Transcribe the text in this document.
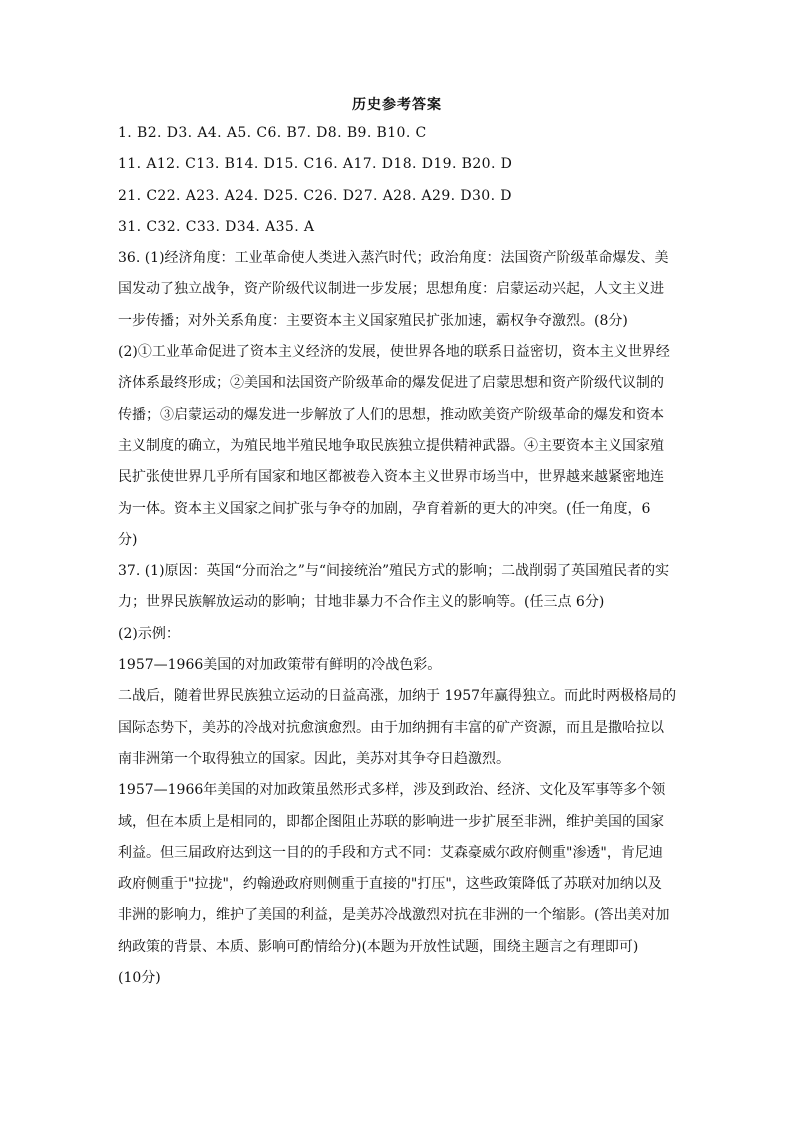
历史参考答案
1. B2. D3. A4. A5. C6. B7. D8. B9. B10. C
11. A12. C13. B14. D15. C16. A17. D18. D19. B20. D
21. C22. A23. A24. D25. C26. D27. A28. A29. D30. D
31. C32. C33. D34. A35. A
36. (1)经济角度：工业革命使人类进入蒸汽时代；政治角度：法国资产阶级革命爆发、美
国发动了独立战争，资产阶级代议制进一步发展；思想角度：启蒙运动兴起，人文主义进
一步传播；对外关系角度：主要资本主义国家殖民扩张加速，霸权争夺激烈。(8分)
(2)①工业革命促进了资本主义经济的发展，使世界各地的联系日益密切，资本主义世界经
济体系最终形成；②美国和法国资产阶级革命的爆发促进了启蒙思想和资产阶级代议制的
传播；③启蒙运动的爆发进一步解放了人们的思想，推动欧美资产阶级革命的爆发和资本
主义制度的确立，为殖民地半殖民地争取民族独立提供精神武器。④主要资本主义国家殖
民扩张使世界几乎所有国家和地区都被卷入资本主义世界市场当中，世界越来越紧密地连
为一体。资本主义国家之间扩张与争夺的加剧，孕育着新的更大的冲突。(任一角度，6
分)
37. (1)原因：英国“分而治之”与“间接统治”殖民方式的影响；二战削弱了英国殖民者的实
力；世界民族解放运动的影响；甘地非暴力不合作主义的影响等。(任三点 6分)
(2)示例：
1957—1966美国的对加政策带有鲜明的冷战色彩。
二战后，随着世界民族独立运动的日益高涨，加纳于 1957年赢得独立。而此时两极格局的
国际态势下，美苏的冷战对抗愈演愈烈。由于加纳拥有丰富的矿产资源，而且是撒哈拉以
南非洲第一个取得独立的国家。因此，美苏对其争夺日趋激烈。
1957—1966年美国的对加政策虽然形式多样，涉及到政治、经济、文化及军事等多个领
域，但在本质上是相同的，即都企图阻止苏联的影响进一步扩展至非洲，维护美国的国家
利益。但三届政府达到这一目的的手段和方式不同：艾森豪威尔政府侧重"渗透"，肯尼迪
政府侧重于"拉拢"，约翰逊政府则侧重于直接的"打压"，这些政策降低了苏联对加纳以及
非洲的影响力，维护了美国的利益，是美苏冷战激烈对抗在非洲的一个缩影。(答出美对加
纳政策的背景、本质、影响可酌情给分)(本题为开放性试题，围绕主题言之有理即可)
(10分)
